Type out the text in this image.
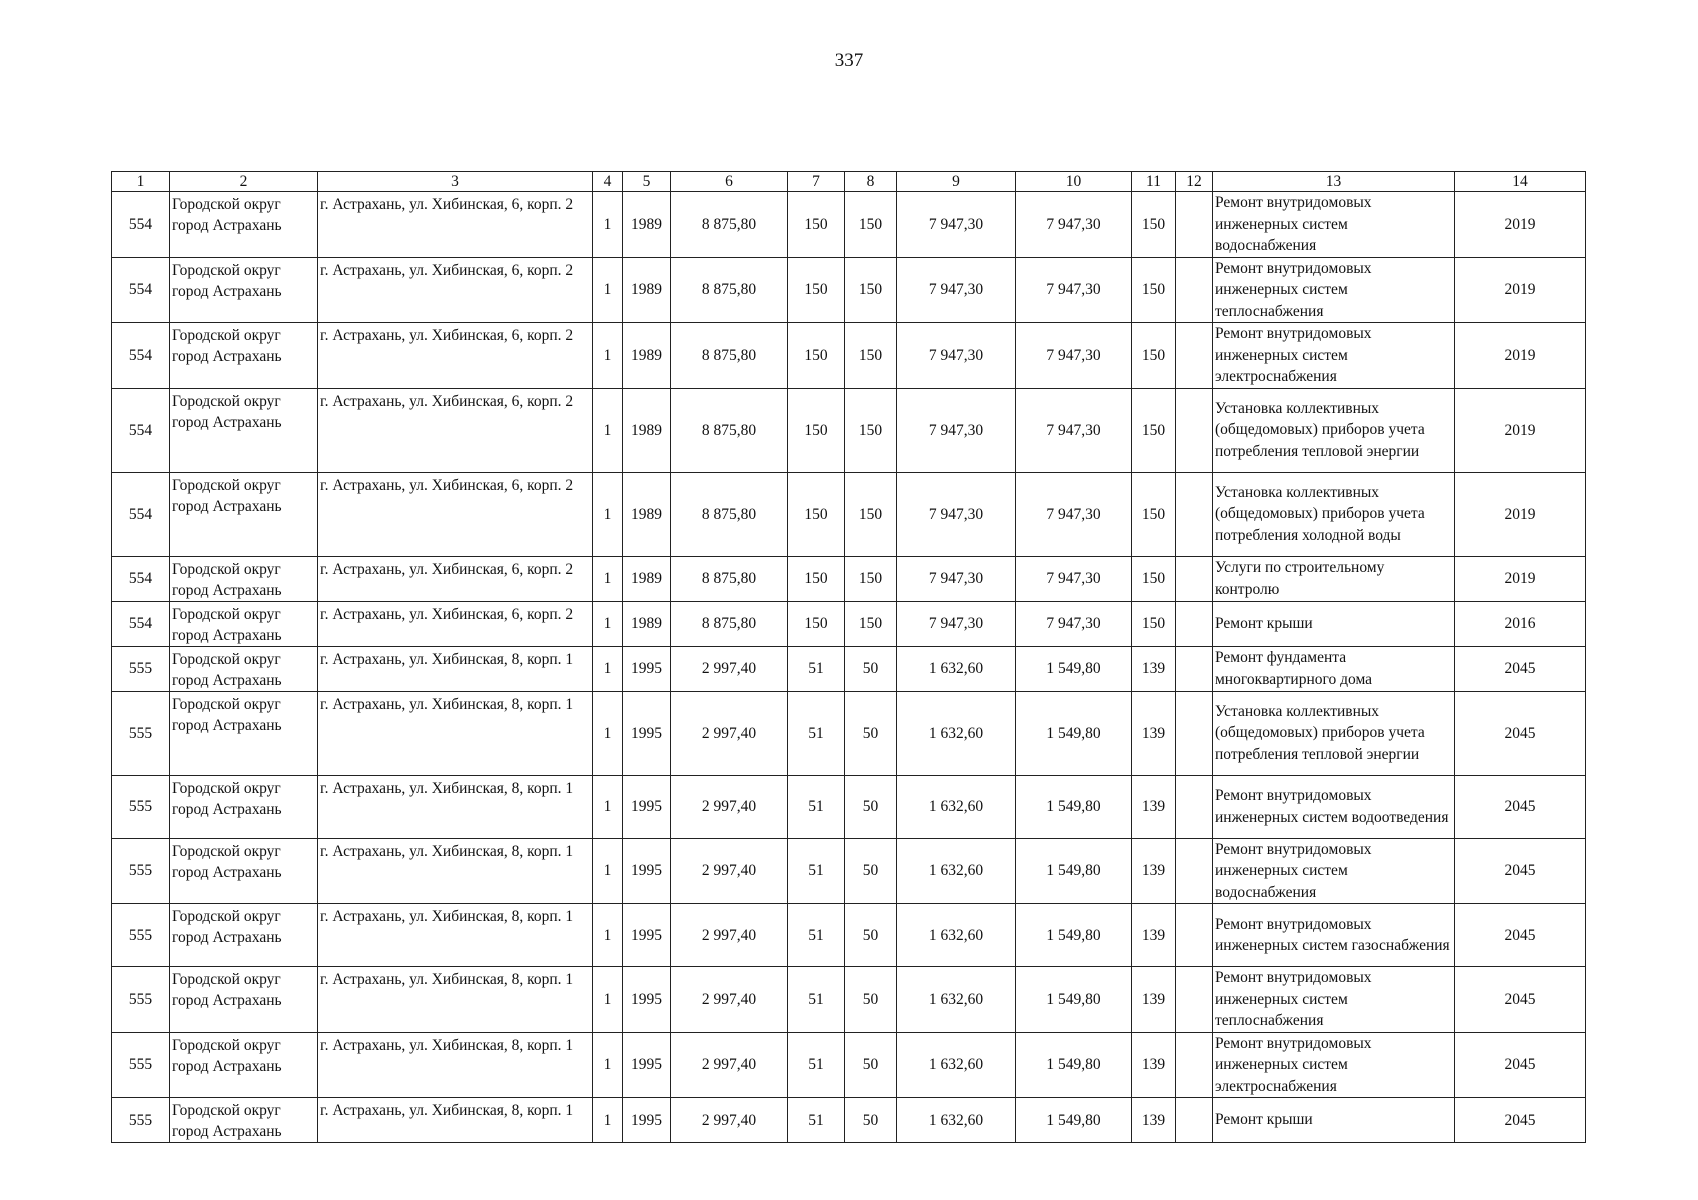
337
1	2	3	4	5	6	7	8	9	10	11	12	13	14
554	Городской округ город Астрахань	г. Астрахань, ул. Хибинская, 6, корп. 2	1	1989	8 875,80	150	150	7 947,30	7 947,30	150		Ремонт внутридомовых инженерных систем водоснабжения	2019
554	Городской округ город Астрахань	г. Астрахань, ул. Хибинская, 6, корп. 2	1	1989	8 875,80	150	150	7 947,30	7 947,30	150		Ремонт внутридомовых инженерных систем теплоснабжения	2019
554	Городской округ город Астрахань	г. Астрахань, ул. Хибинская, 6, корп. 2	1	1989	8 875,80	150	150	7 947,30	7 947,30	150		Ремонт внутридомовых инженерных систем электроснабжения	2019
554	Городской округ город Астрахань	г. Астрахань, ул. Хибинская, 6, корп. 2	1	1989	8 875,80	150	150	7 947,30	7 947,30	150		Установка коллективных (общедомовых) приборов учета потребления тепловой энергии	2019
554	Городской округ город Астрахань	г. Астрахань, ул. Хибинская, 6, корп. 2	1	1989	8 875,80	150	150	7 947,30	7 947,30	150		Установка коллективных (общедомовых) приборов учета потребления холодной воды	2019
554	Городской округ город Астрахань	г. Астрахань, ул. Хибинская, 6, корп. 2	1	1989	8 875,80	150	150	7 947,30	7 947,30	150		Услуги по строительному контролю	2019
554	Городской округ город Астрахань	г. Астрахань, ул. Хибинская, 6, корп. 2	1	1989	8 875,80	150	150	7 947,30	7 947,30	150		Ремонт крыши	2016
555	Городской округ город Астрахань	г. Астрахань, ул. Хибинская, 8, корп. 1	1	1995	2 997,40	51	50	1 632,60	1 549,80	139		Ремонт фундамента многоквартирного дома	2045
555	Городской округ город Астрахань	г. Астрахань, ул. Хибинская, 8, корп. 1	1	1995	2 997,40	51	50	1 632,60	1 549,80	139		Установка коллективных (общедомовых) приборов учета потребления тепловой энергии	2045
555	Городской округ город Астрахань	г. Астрахань, ул. Хибинская, 8, корп. 1	1	1995	2 997,40	51	50	1 632,60	1 549,80	139		Ремонт внутридомовых инженерных систем водоотведения	2045
555	Городской округ город Астрахань	г. Астрахань, ул. Хибинская, 8, корп. 1	1	1995	2 997,40	51	50	1 632,60	1 549,80	139		Ремонт внутридомовых инженерных систем водоснабжения	2045
555	Городской округ город Астрахань	г. Астрахань, ул. Хибинская, 8, корп. 1	1	1995	2 997,40	51	50	1 632,60	1 549,80	139		Ремонт внутридомовых инженерных систем газоснабжения	2045
555	Городской округ город Астрахань	г. Астрахань, ул. Хибинская, 8, корп. 1	1	1995	2 997,40	51	50	1 632,60	1 549,80	139		Ремонт внутридомовых инженерных систем теплоснабжения	2045
555	Городской округ город Астрахань	г. Астрахань, ул. Хибинская, 8, корп. 1	1	1995	2 997,40	51	50	1 632,60	1 549,80	139		Ремонт внутридомовых инженерных систем электроснабжения	2045
555	Городской округ город Астрахань	г. Астрахань, ул. Хибинская, 8, корп. 1	1	1995	2 997,40	51	50	1 632,60	1 549,80	139		Ремонт крыши	2045
